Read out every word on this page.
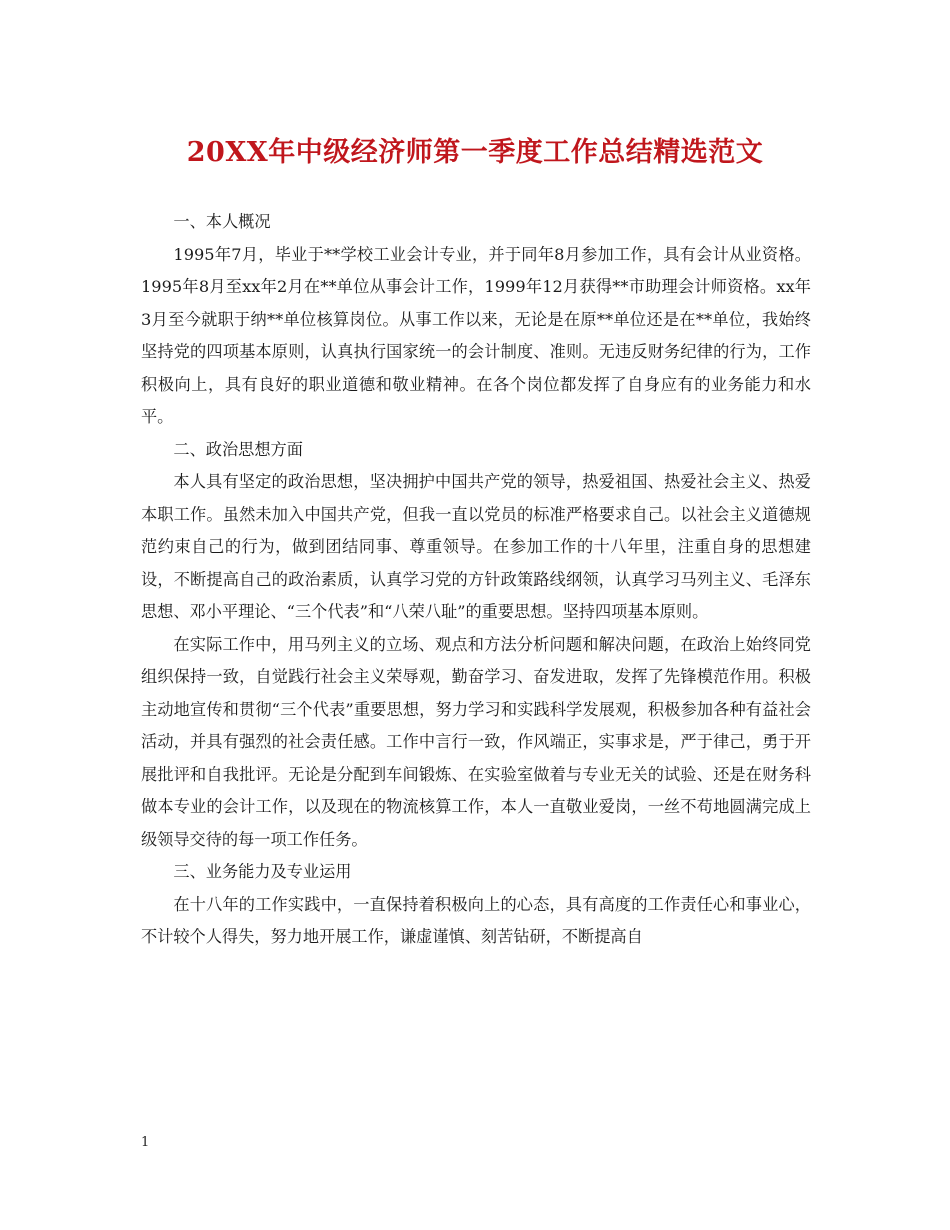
20XX年中级经济师第一季度工作总结精选范文

一、本人概况

1995年7月，毕业于**学校工业会计专业，并于同年8月参加工作，具有会计从业资格。1995年8月至xx年2月在**单位从事会计工作，1999年12月获得**市助理会计师资格。xx年3月至今就职于纳**单位核算岗位。从事工作以来，无论是在原**单位还是在**单位，我始终坚持党的四项基本原则，认真执行国家统一的会计制度、准则。无违反财务纪律的行为，工作积极向上，具有良好的职业道德和敬业精神。在各个岗位都发挥了自身应有的业务能力和水平。

二、政治思想方面

本人具有坚定的政治思想，坚决拥护中国共产党的领导，热爱祖国、热爱社会主义、热爱本职工作。虽然未加入中国共产党，但我一直以党员的标准严格要求自己。以社会主义道德规范约束自己的行为，做到团结同事、尊重领导。在参加工作的十八年里，注重自身的思想建设，不断提高自己的政治素质，认真学习党的方针政策路线纲领，认真学习马列主义、毛泽东思想、邓小平理论、“三个代表”和“八荣八耻”的重要思想。坚持四项基本原则。

在实际工作中，用马列主义的立场、观点和方法分析问题和解决问题，在政治上始终同党组织保持一致，自觉践行社会主义荣辱观，勤奋学习、奋发进取，发挥了先锋模范作用。积极主动地宣传和贯彻“三个代表”重要思想，努力学习和实践科学发展观，积极参加各种有益社会活动，并具有强烈的社会责任感。工作中言行一致，作风端正，实事求是，严于律己，勇于开展批评和自我批评。无论是分配到车间锻炼、在实验室做着与专业无关的试验、还是在财务科做本专业的会计工作，以及现在的物流核算工作，本人一直敬业爱岗，一丝不苟地圆满完成上级领导交待的每一项工作任务。

三、业务能力及专业运用

在十八年的工作实践中，一直保持着积极向上的心态，具有高度的工作责任心和事业心，不计较个人得失，努力地开展工作，谦虚谨慎、刻苦钻研，不断提高自

1
